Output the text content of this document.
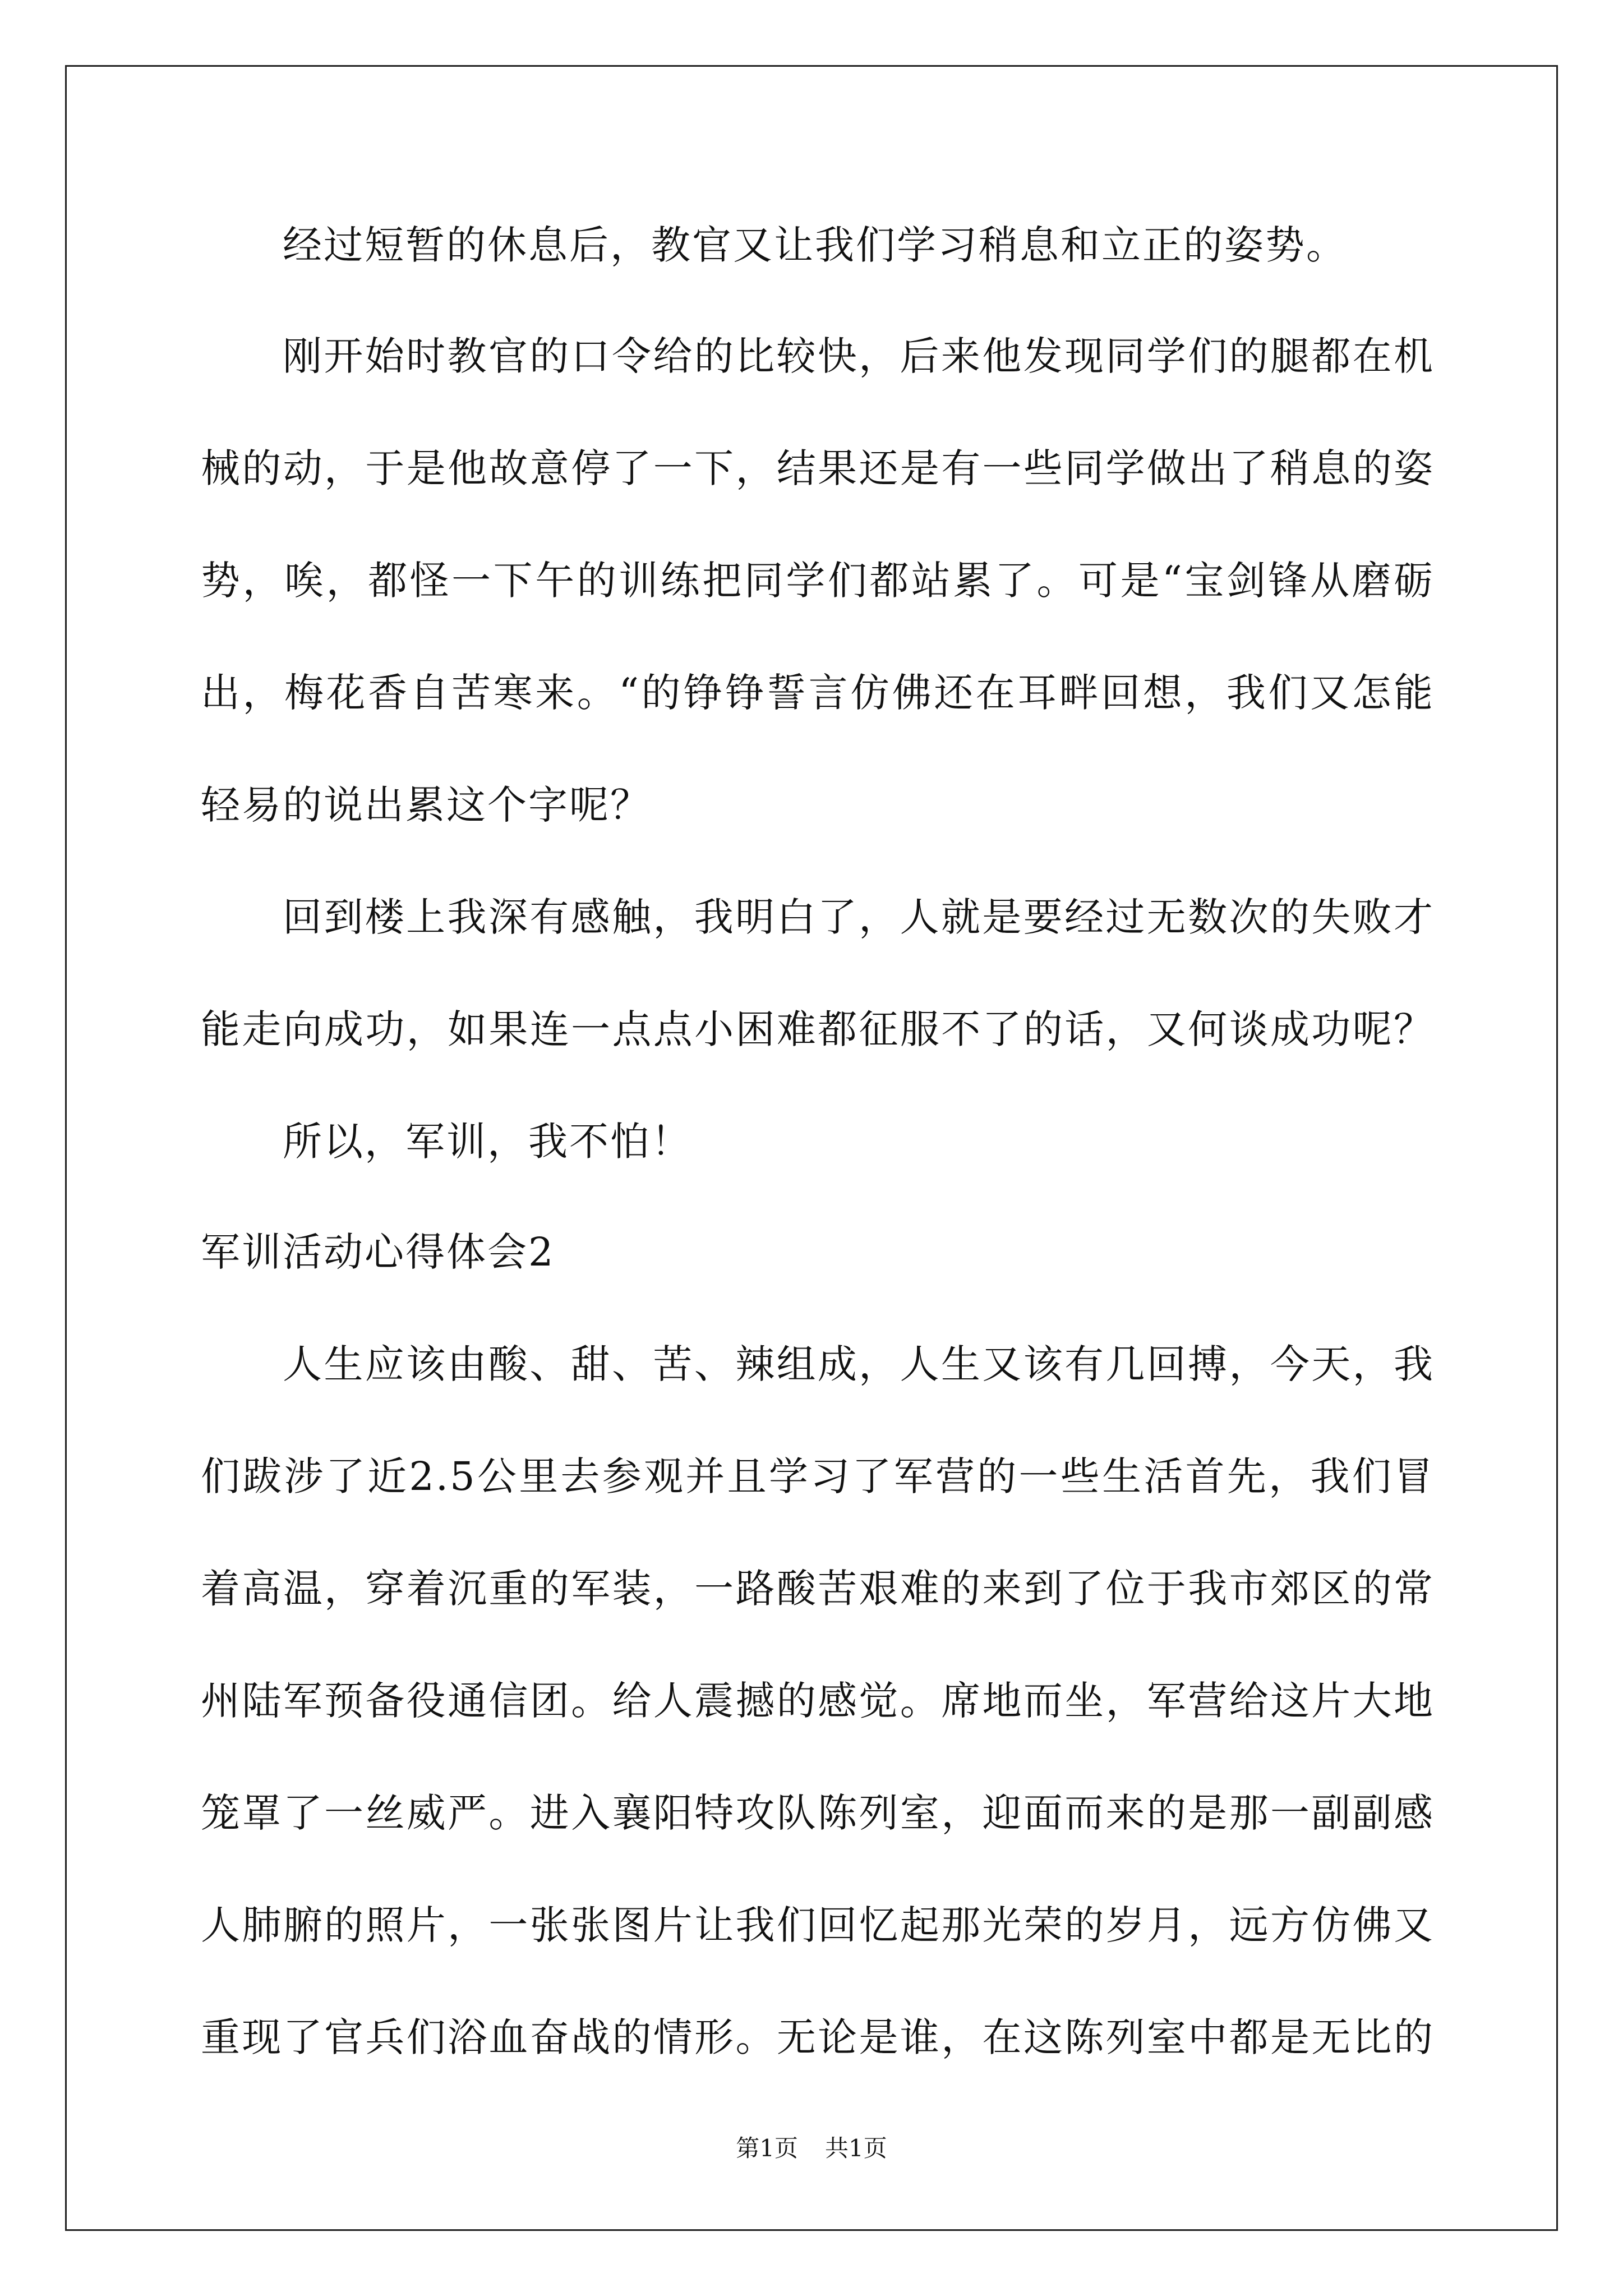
经过短暂的休息后，教官又让我们学习稍息和立正的姿势。
刚开始时教官的口令给的比较快，后来他发现同学们的腿都在机
械的动，于是他故意停了一下，结果还是有一些同学做出了稍息的姿
势，唉，都怪一下午的训练把同学们都站累了。可是“宝剑锋从磨砺
出，梅花香自苦寒来。“的铮铮誓言仿佛还在耳畔回想，我们又怎能
轻易的说出累这个字呢？
回到楼上我深有感触，我明白了，人就是要经过无数次的失败才
能走向成功，如果连一点点小困难都征服不了的话，又何谈成功呢？
所以，军训，我不怕！
军训活动心得体会2
人生应该由酸、甜、苦、辣组成，人生又该有几回搏，今天，我
们跋涉了近2.5公里去参观并且学习了军营的一些生活首先，我们冒
着高温，穿着沉重的军装，一路酸苦艰难的来到了位于我市郊区的常
州陆军预备役通信团。给人震撼的感觉。席地而坐，军营给这片大地
笼罩了一丝威严。进入襄阳特攻队陈列室，迎面而来的是那一副副感
人肺腑的照片，一张张图片让我们回忆起那光荣的岁月，远方仿佛又
重现了官兵们浴血奋战的情形。无论是谁，在这陈列室中都是无比的
第1页 共1页
